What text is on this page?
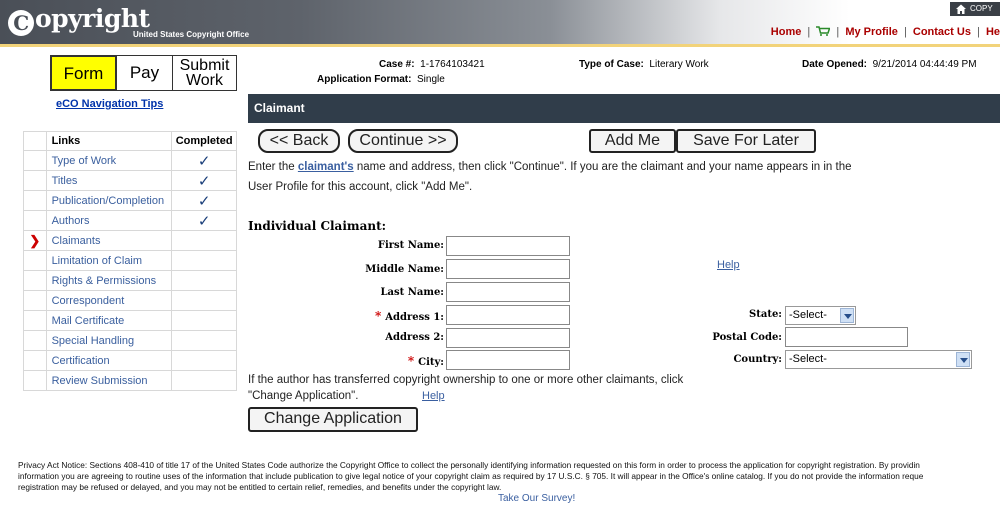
C opyright
United States Copyright Office
COPY
Home | | My Profile | Contact Us | He
Form	Pay	Submit
Work
eCO Navigation Tips
	Links	Completed
	Type of Work	✓
	Titles	✓
	Publication/Completion	✓
	Authors	✓
❯	Claimants	
	Limitation of Claim	
	Rights & Permissions	
	Correspondent	
	Mail Certificate	
	Special Handling	
	Certification	
	Review Submission	
Case #: 1-1764103421
Application Format: Single
Type of Case: Literary Work	Date Opened: 9/21/2014 04:44:49 PM
Claimant
<< Back	Continue >>	Add Me	Save For Later
Enter the claimant's name and address, then click "Continue". If you are the claimant and your name appears in in the User Profile for this account, click "Add Me".
Individual Claimant:
First Name:
Middle Name:
Last Name:
* Address 1:
Address 2:
* City:
Help
State: -Select-
Postal Code:
Country: -Select-
If the author has transferred copyright ownership to one or more other claimants, click "Change Application".	Help
Change Application
Privacy Act Notice: Sections 408-410 of title 17 of the United States Code authorize the Copyright Office to collect the personally identifying information requested on this form in order to process the application for copyright registration. By providin
information you are agreeing to routine uses of the information that include publication to give legal notice of your copyright claim as required by 17 U.S.C. § 705. It will appear in the Office's online catalog. If you do not provide the information reque
registration may be refused or delayed, and you may not be entitled to certain relief, remedies, and benefits under the copyright law.
Take Our Survey!
